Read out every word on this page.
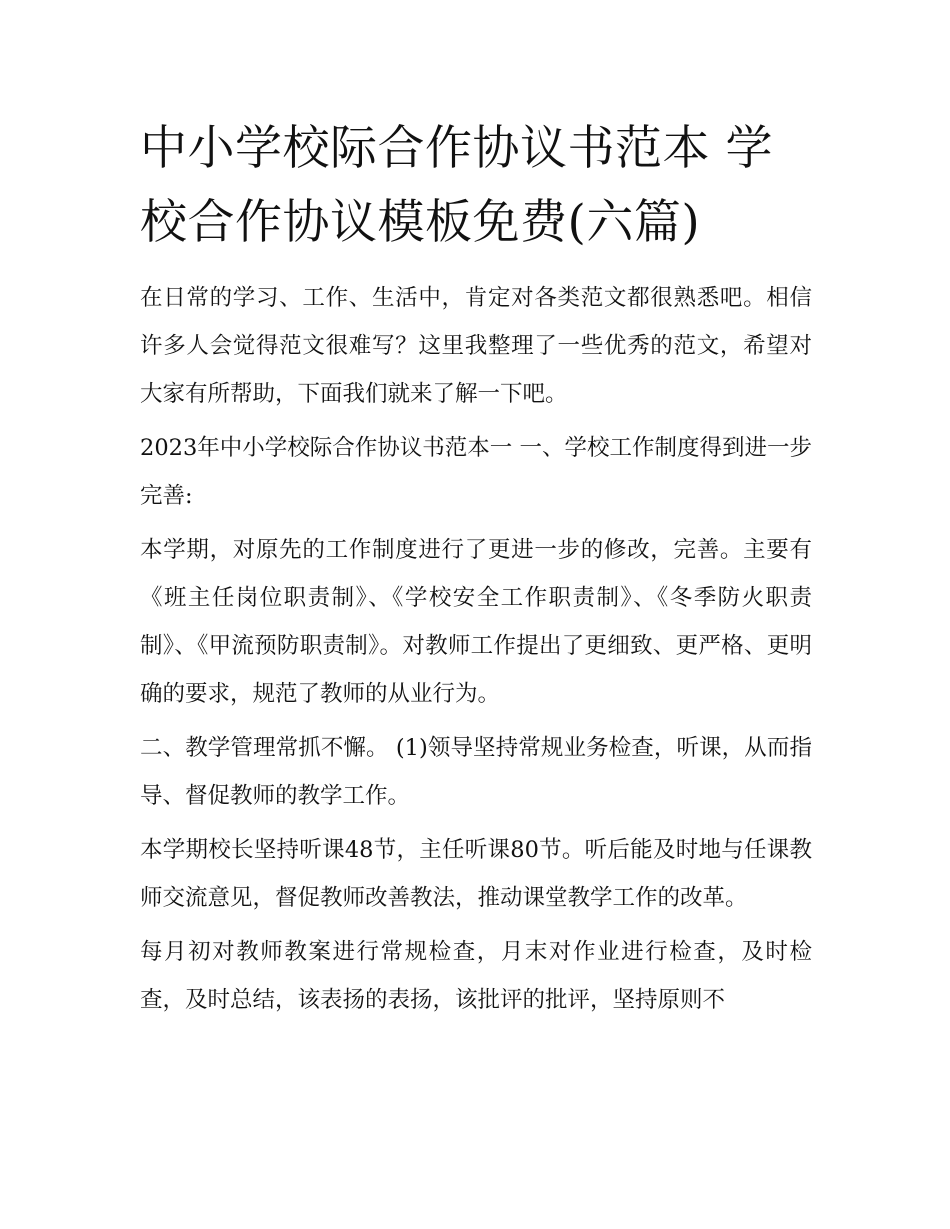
中小学校际合作协议书范本 学校合作协议模板免费(六篇)

在日常的学习、工作、生活中，肯定对各类范文都很熟悉吧。相信许多人会觉得范文很难写？这里我整理了一些优秀的范文，希望对大家有所帮助，下面我们就来了解一下吧。

2023年中小学校际合作协议书范本一 一、学校工作制度得到进一步完善:

本学期，对原先的工作制度进行了更进一步的修改，完善。主要有《班主任岗位职责制》、《学校安全工作职责制》、《冬季防火职责制》、《甲流预防职责制》。对教师工作提出了更细致、更严格、更明确的要求，规范了教师的从业行为。

二、教学管理常抓不懈。 (1)领导坚持常规业务检查，听课，从而指导、督促教师的教学工作。

本学期校长坚持听课48节，主任听课80节。听后能及时地与任课教师交流意见，督促教师改善教法，推动课堂教学工作的改革。

每月初对教师教案进行常规检查，月末对作业进行检查，及时检查，及时总结，该表扬的表扬，该批评的批评，坚持原则不
